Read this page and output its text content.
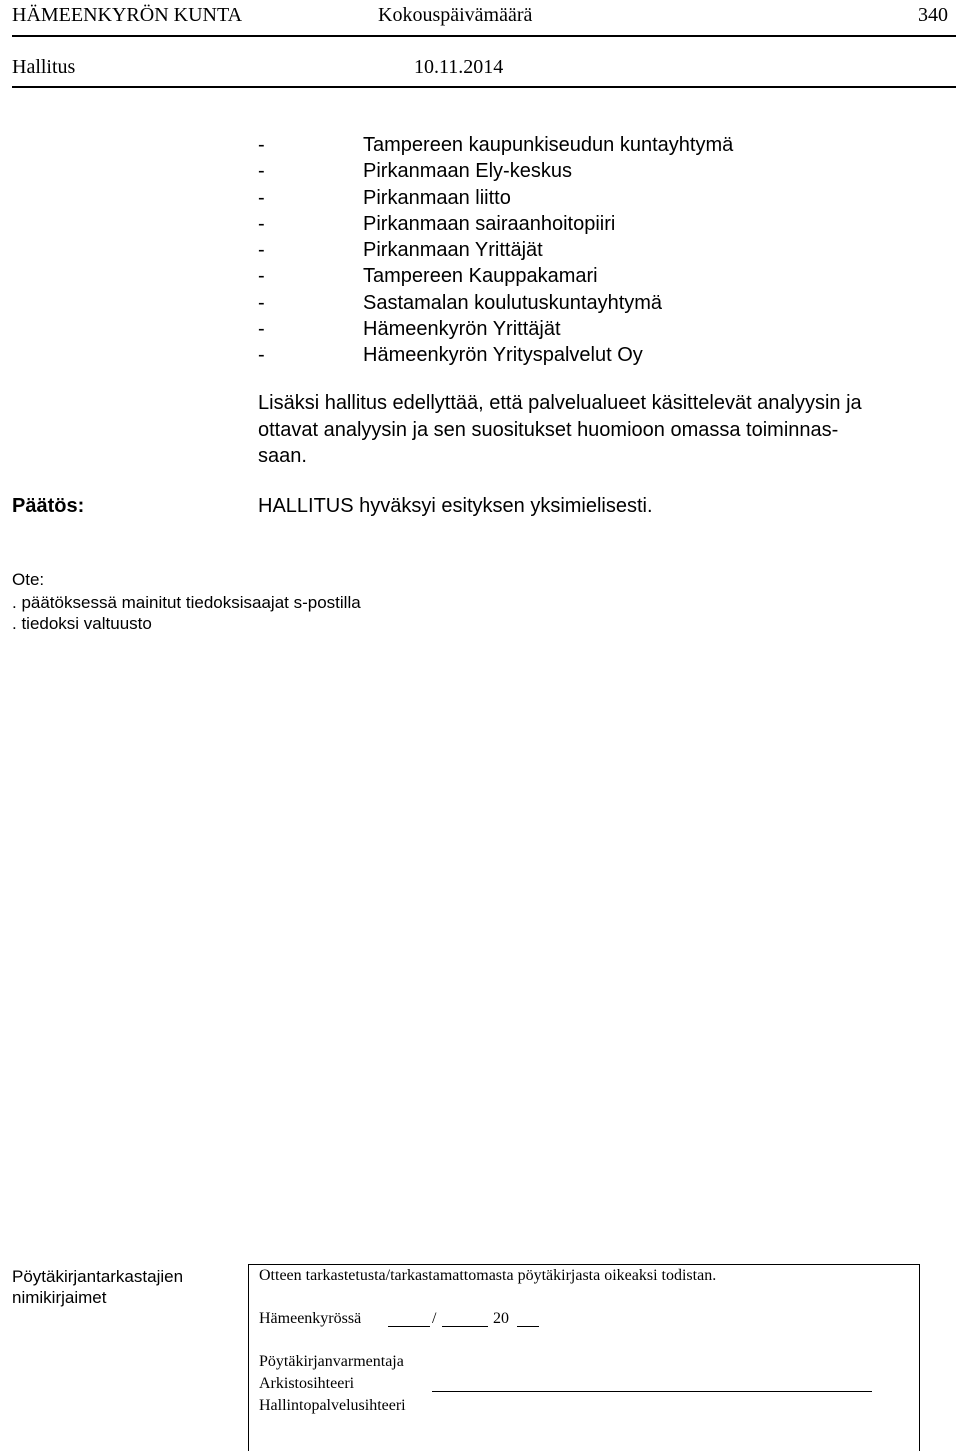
HÄMEENKYRÖN KUNTA	Kokouspäivämäärä	340
Hallitus	10.11.2014
-	Tampereen kaupunkiseudun kuntayhtymä
-	Pirkanmaan Ely-keskus
-	Pirkanmaan liitto
-	Pirkanmaan sairaanhoitopiiri
-	Pirkanmaan Yrittäjät
-	Tampereen Kauppakamari
-	Sastamalan koulutuskuntayhtymä
-	Hämeenkyrön Yrittäjät
-	Hämeenkyrön Yrityspalvelut Oy
Lisäksi hallitus edellyttää, että palvelualueet käsittelevät analyysin ja
ottavat analyysin ja sen suositukset huomioon omassa toiminnas-
saan.
Päätös:	HALLITUS hyväksyi esityksen yksimielisesti.
Ote:
. päätöksessä mainitut tiedoksisaajat s-postilla
. tiedoksi valtuusto
Pöytäkirjantarkastajien
nimikirjaimet
Otteen tarkastetusta/tarkastamattomasta pöytäkirjasta oikeaksi todistan.
Hämeenkyrössä	/	20
Pöytäkirjanvarmentaja
Arkistosihteeri
Hallintopalvelusihteeri
